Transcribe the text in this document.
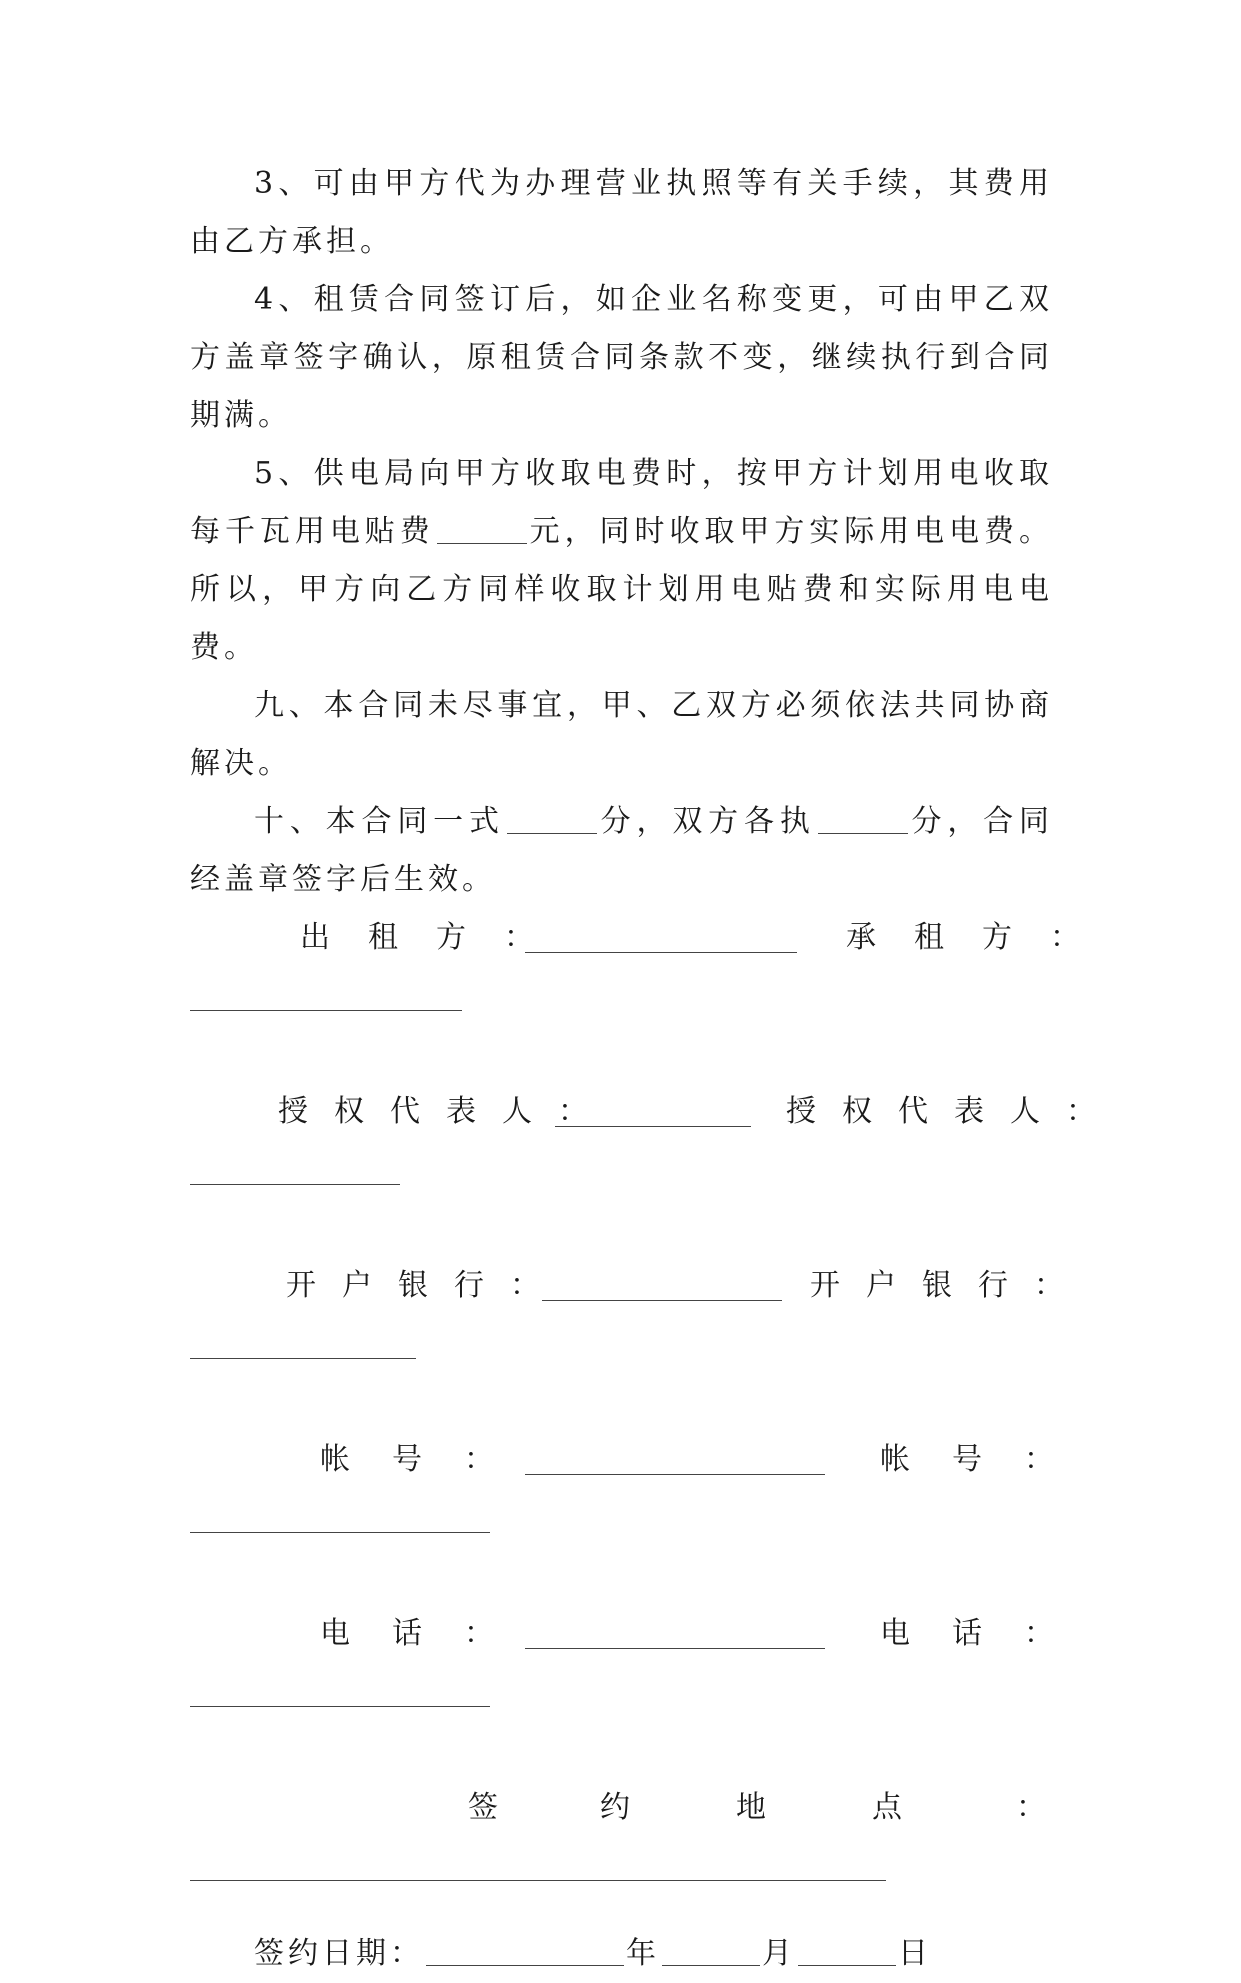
3、可由甲方代为办理营业执照等有关手续，其费用由乙方承担。

4、租赁合同签订后，如企业名称变更，可由甲乙双方盖章签字确认，原租赁合同条款不变，继续执行到合同期满。

5、供电局向甲方收取电费时，按甲方计划用电收取每千瓦用电贴费	元，同时收取甲方实际用电电费。所以，甲方向乙方同样收取计划用电贴费和实际用电电费。

九、本合同未尽事宜，甲、乙双方必须依法共同协商解决。

十、本合同一式	分，双方各执	分，合同经盖章签字后生效。

出租方：	承租方：
授权代表人：	授权代表人：
开户银行：	开户银行：
帐号：	帐号：
电话：	电话：
签	约	地	点	：
签约日期：	年	月	日
